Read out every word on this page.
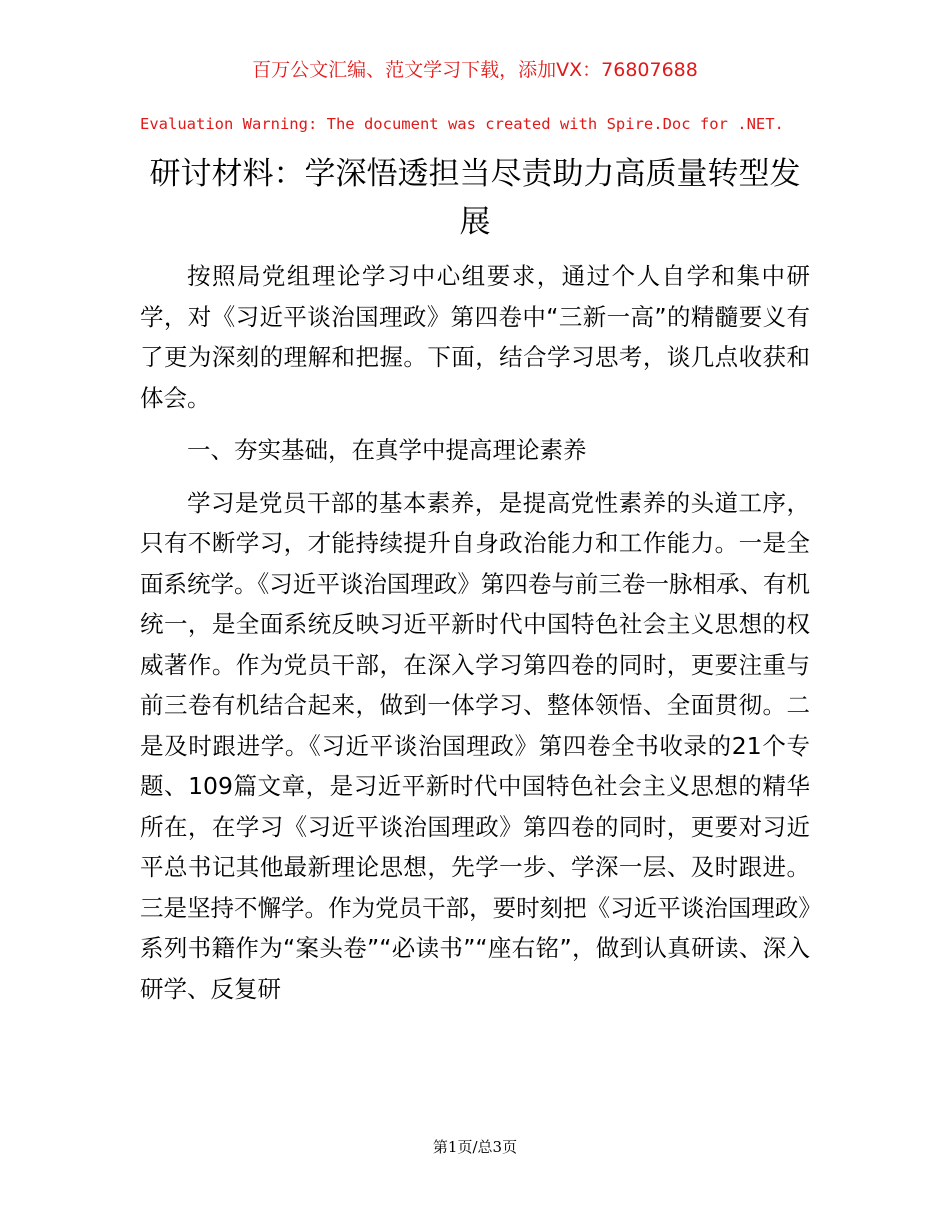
百万公文汇编、范文学习下载，添加VX：76807688
Evaluation Warning: The document was created with Spire.Doc for .NET.
研讨材料：学深悟透担当尽责助力高质量转型发展

按照局党组理论学习中心组要求，通过个人自学和集中研学，对《习近平谈治国理政》第四卷中“三新一高”的精髓要义有了更为深刻的理解和把握。下面，结合学习思考，谈几点收获和体会。

一、夯实基础，在真学中提高理论素养

学习是党员干部的基本素养，是提高党性素养的头道工序，只有不断学习，才能持续提升自身政治能力和工作能力。一是全面系统学。《习近平谈治国理政》第四卷与前三卷一脉相承、有机统一，是全面系统反映习近平新时代中国特色社会主义思想的权威著作。作为党员干部，在深入学习第四卷的同时，更要注重与前三卷有机结合起来，做到一体学习、整体领悟、全面贯彻。二是及时跟进学。《习近平谈治国理政》第四卷全书收录的21个专题、109篇文章，是习近平新时代中国特色社会主义思想的精华所在，在学习《习近平谈治国理政》第四卷的同时，更要对习近平总书记其他最新理论思想，先学一步、学深一层、及时跟进。三是坚持不懈学。作为党员干部，要时刻把《习近平谈治国理政》系列书籍作为“案头卷”“必读书”“座右铭”，做到认真研读、深入研学、反复研

第1页/总3页
